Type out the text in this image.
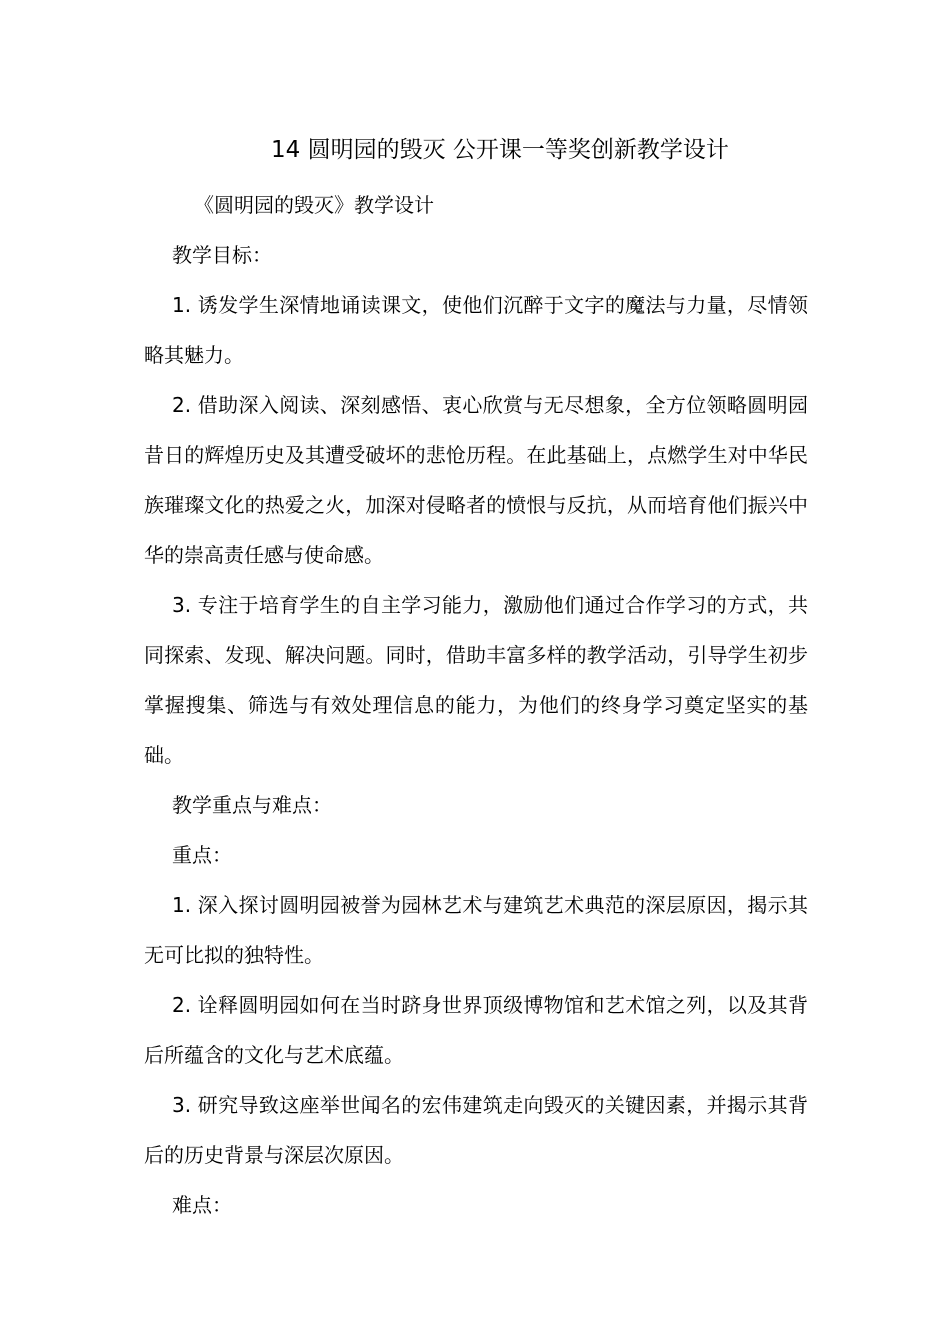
14 圆明园的毁灭 公开课一等奖创新教学设计

《圆明园的毁灭》教学设计

教学目标：

1. 诱发学生深情地诵读课文，使他们沉醉于文字的魔法与力量，尽情领略其魅力。

2. 借助深入阅读、深刻感悟、衷心欣赏与无尽想象，全方位领略圆明园昔日的辉煌历史及其遭受破坏的悲怆历程。在此基础上，点燃学生对中华民族璀璨文化的热爱之火，加深对侵略者的愤恨与反抗，从而培育他们振兴中华的崇高责任感与使命感。

3. 专注于培育学生的自主学习能力，激励他们通过合作学习的方式，共同探索、发现、解决问题。同时，借助丰富多样的教学活动，引导学生初步掌握搜集、筛选与有效处理信息的能力，为他们的终身学习奠定坚实的基础。

教学重点与难点：

重点：

1. 深入探讨圆明园被誉为园林艺术与建筑艺术典范的深层原因，揭示其无可比拟的独特性。

2. 诠释圆明园如何在当时跻身世界顶级博物馆和艺术馆之列，以及其背后所蕴含的文化与艺术底蕴。

3. 研究导致这座举世闻名的宏伟建筑走向毁灭的关键因素，并揭示其背后的历史背景与深层次原因。

难点：
